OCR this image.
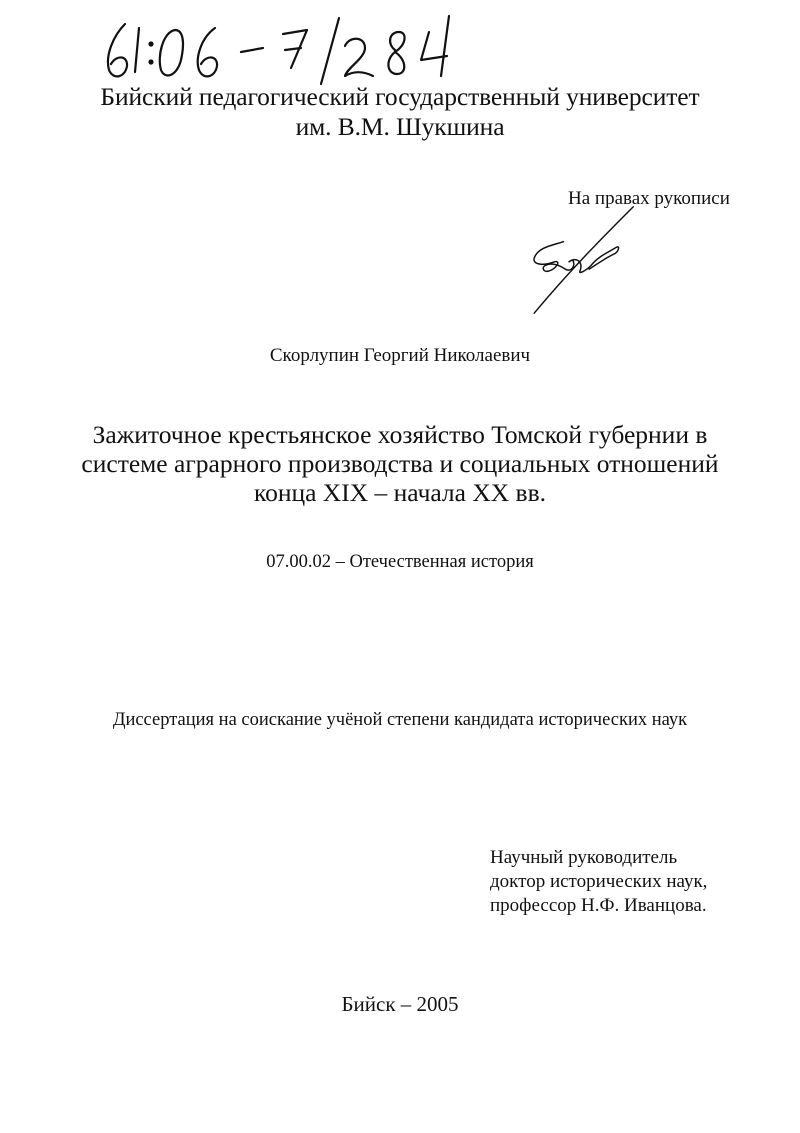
Бийский педагогический государственный университет
им. В.М. Шукшина
На правах рукописи
Скорлупин Георгий Николаевич
Зажиточное крестьянское хозяйство Томской губернии в
системе аграрного производства и социальных отношений
конца XIX – начала XX вв.
07.00.02 – Отечественная история
Диссертация на соискание учёной степени кандидата исторических наук
Научный руководитель
доктор исторических наук,
профессор Н.Ф. Иванцова.
Бийск – 2005
